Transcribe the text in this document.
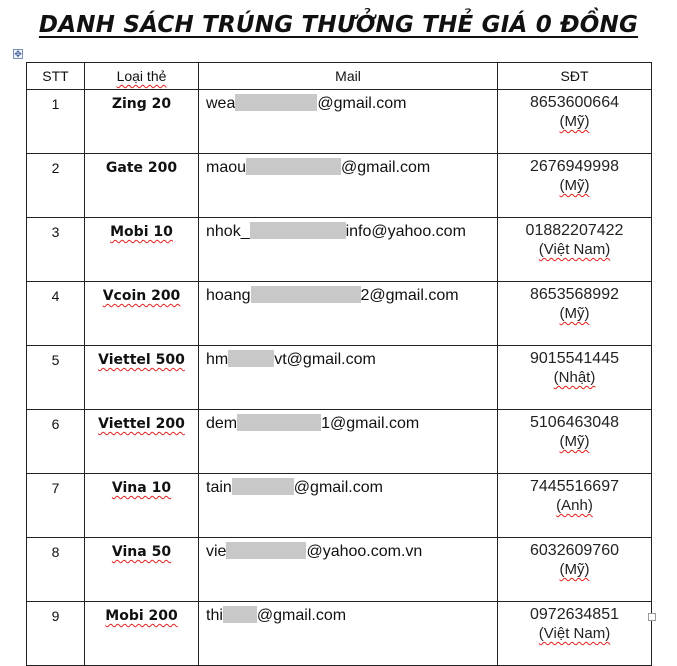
DANH SÁCH TRÚNG THƯỞNG THẺ GIÁ 0 ĐỒNG
✥
STT	Loại thẻ	Mail	SĐT
1	Zing 20	wea @gmail.com	8653600664
(Mỹ)

2	Gate 200	maou @gmail.com	2676949998
(Mỹ)

3	Mobi 10	nhok_ info@yahoo.com	01882207422
(Việt Nam)

4	Vcoin 200	hoang 2@gmail.com	8653568992
(Mỹ)

5	Viettel 500	hm vt@gmail.com	9015541445
(Nhật)

6	Viettel 200	dem 1@gmail.com	5106463048
(Mỹ)

7	Vina 10	tain @gmail.com	7445516697
(Anh)

8	Vina 50	vie @yahoo.com.vn	6032609760
(Mỹ)

9	Mobi 200	thi @gmail.com	0972634851
(Việt Nam)
